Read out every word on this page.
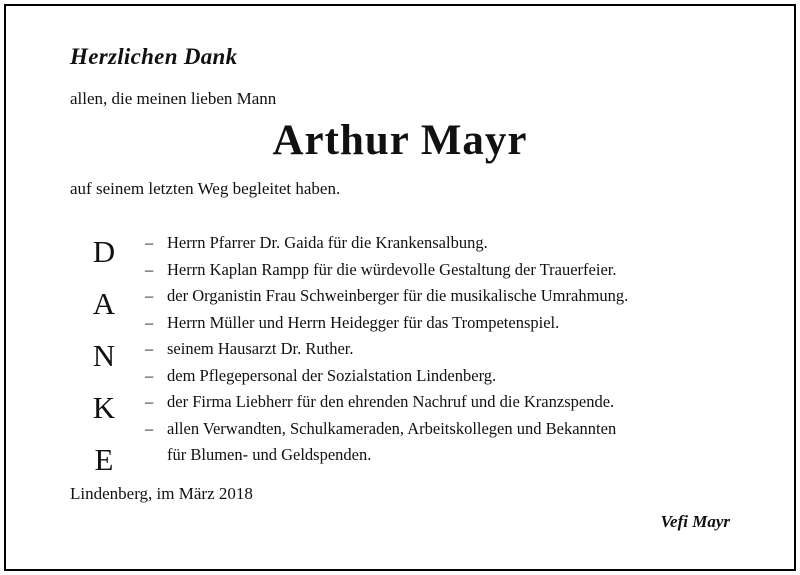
Herzlichen Dank
allen, die meinen lieben Mann
Arthur Mayr
auf seinem letzten Weg begleitet haben.
D
A
N
K
E
– Herrn Pfarrer Dr. Gaida für die Krankensalbung.
– Herrn Kaplan Rampp für die würdevolle Gestaltung der Trauerfeier.
– der Organistin Frau Schweinberger für die musikalische Umrahmung.
– Herrn Müller und Herrn Heidegger für das Trompetenspiel.
– seinem Hausarzt Dr. Ruther.
– dem Pflegepersonal der Sozialstation Lindenberg.
– der Firma Liebherr für den ehrenden Nachruf und die Kranzspende.
– allen Verwandten, Schulkameraden, Arbeitskollegen und Bekannten
für Blumen- und Geldspenden.
Lindenberg, im März 2018
Vefi Mayr
